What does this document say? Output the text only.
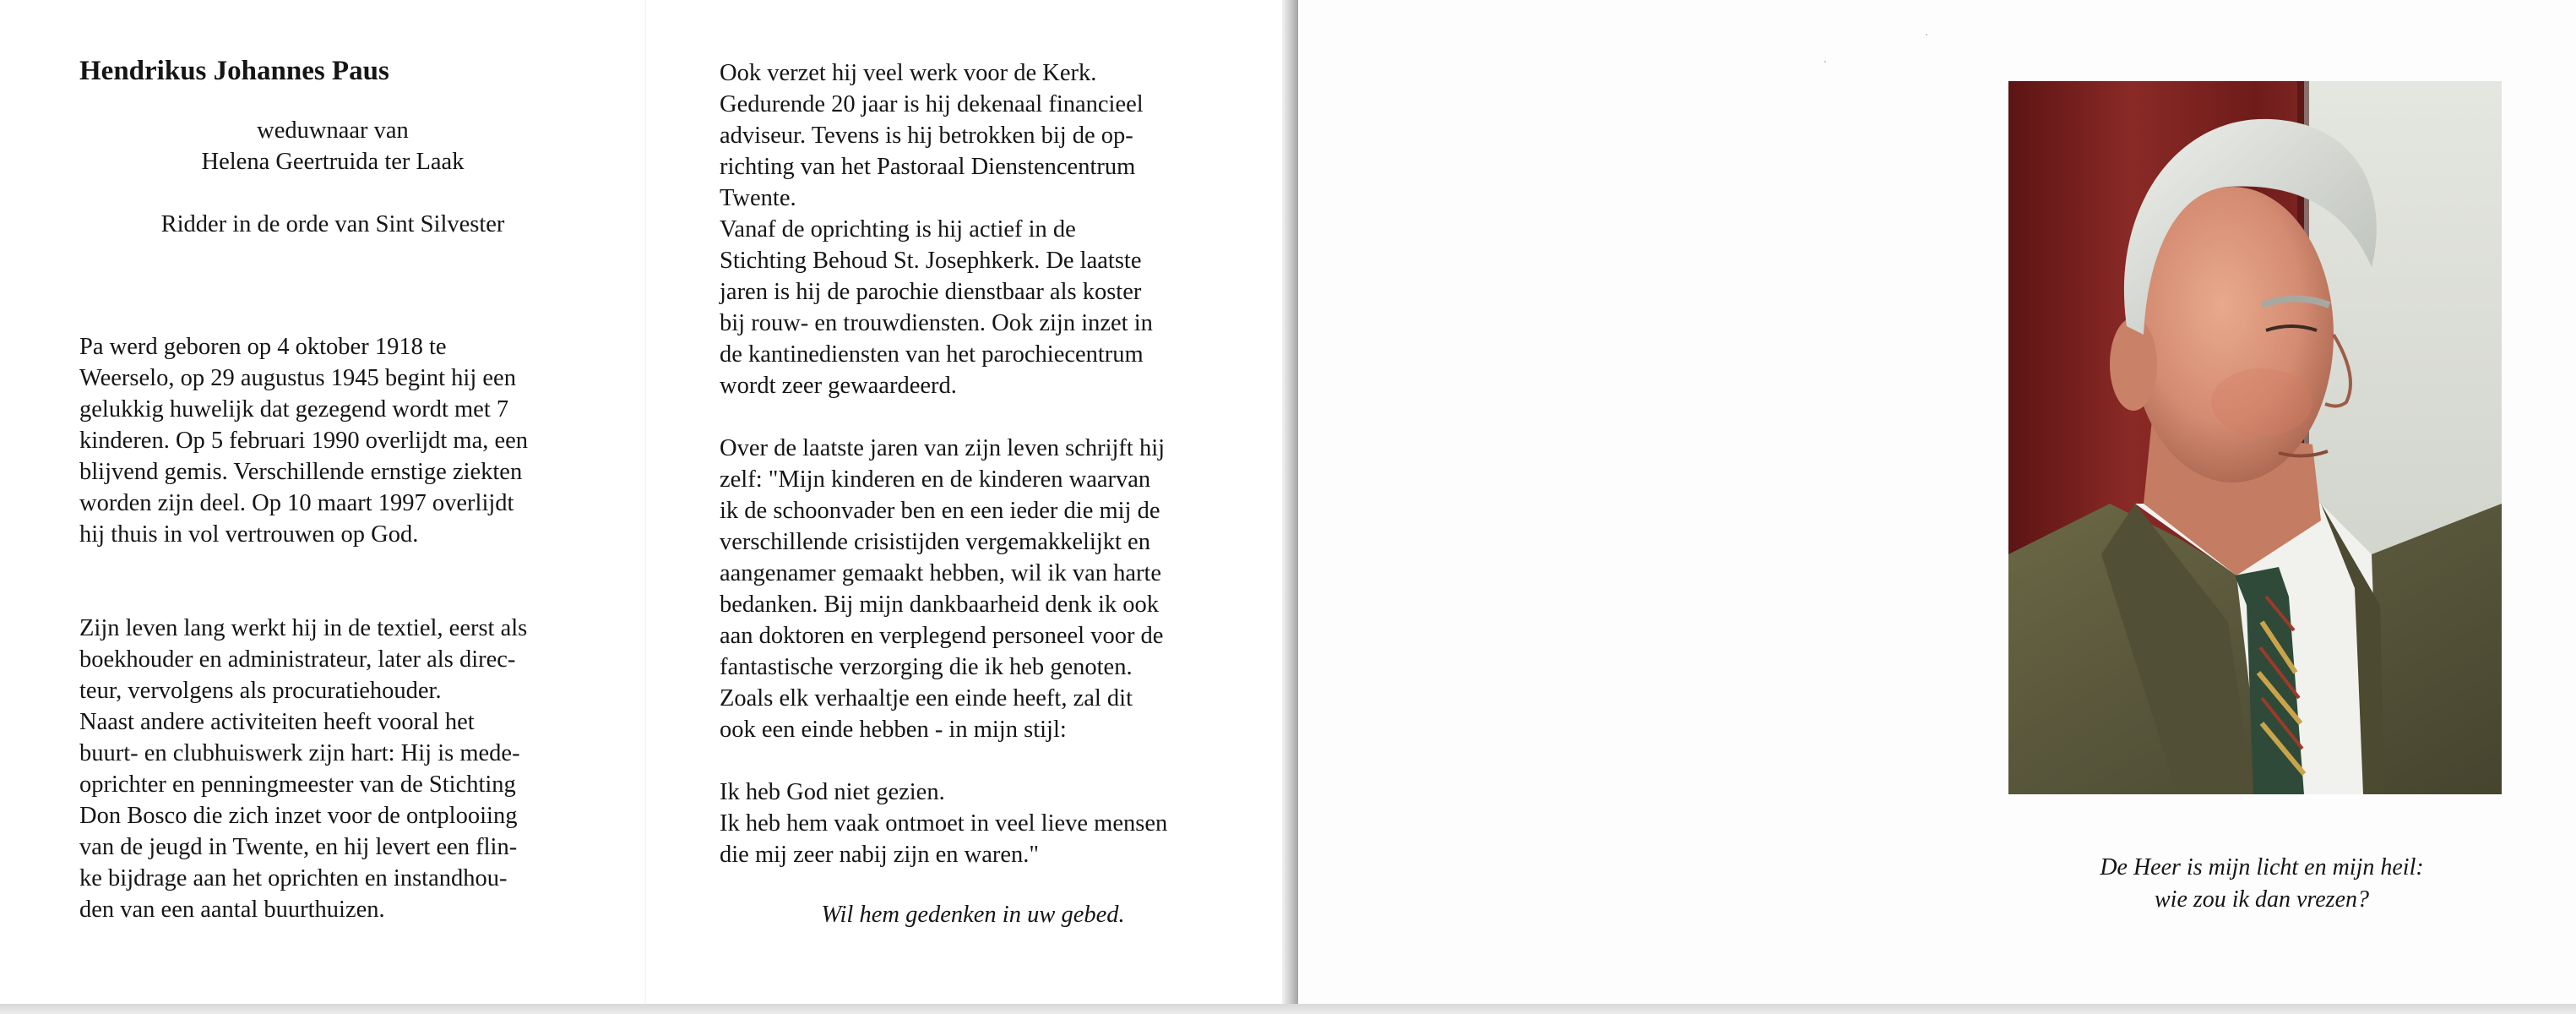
Hendrikus Johannes Paus

weduwnaar van

Helena Geertruida ter Laak

Ridder in de orde van Sint Silvester

Pa werd geboren op 4 oktober 1918 te

Weerselo, op 29 augustus 1945 begint hij een

gelukkig huwelijk dat gezegend wordt met 7

kinderen. Op 5 februari 1990 overlijdt ma, een

blijvend gemis. Verschillende ernstige ziekten

worden zijn deel. Op 10 maart 1997 overlijdt

hij thuis in vol vertrouwen op God.

Zijn leven lang werkt hij in de textiel, eerst als

boekhouder en administrateur, later als direc-

teur, vervolgens als procuratiehouder.

Naast andere activiteiten heeft vooral het

buurt- en clubhuiswerk zijn hart: Hij is mede-

oprichter en penningmeester van de Stichting

Don Bosco die zich inzet voor de ontplooiing

van de jeugd in Twente, en hij levert een flin-

ke bijdrage aan het oprichten en instandhou-

den van een aantal buurthuizen.

Ook verzet hij veel werk voor de Kerk.

Gedurende 20 jaar is hij dekenaal financieel

adviseur. Tevens is hij betrokken bij de op-

richting van het Pastoraal Dienstencentrum

Twente.

Vanaf de oprichting is hij actief in de

Stichting Behoud St. Josephkerk. De laatste

jaren is hij de parochie dienstbaar als koster

bij rouw- en trouwdiensten. Ook zijn inzet in

de kantinediensten van het parochiecentrum

wordt zeer gewaardeerd.

Over de laatste jaren van zijn leven schrijft hij

zelf: "Mijn kinderen en de kinderen waarvan

ik de schoonvader ben en een ieder die mij de

verschillende crisistijden vergemakkelijkt en

aangenamer gemaakt hebben, wil ik van harte

bedanken. Bij mijn dankbaarheid denk ik ook

aan doktoren en verplegend personeel voor de

fantastische verzorging die ik heb genoten.

Zoals elk verhaaltje een einde heeft, zal dit

ook een einde hebben - in mijn stijl:

Ik heb God niet gezien.

Ik heb hem vaak ontmoet in veel lieve mensen

die mij zeer nabij zijn en waren."

Wil hem gedenken in uw gebed.

De Heer is mijn licht en mijn heil:
wie zou ik dan vrezen?
